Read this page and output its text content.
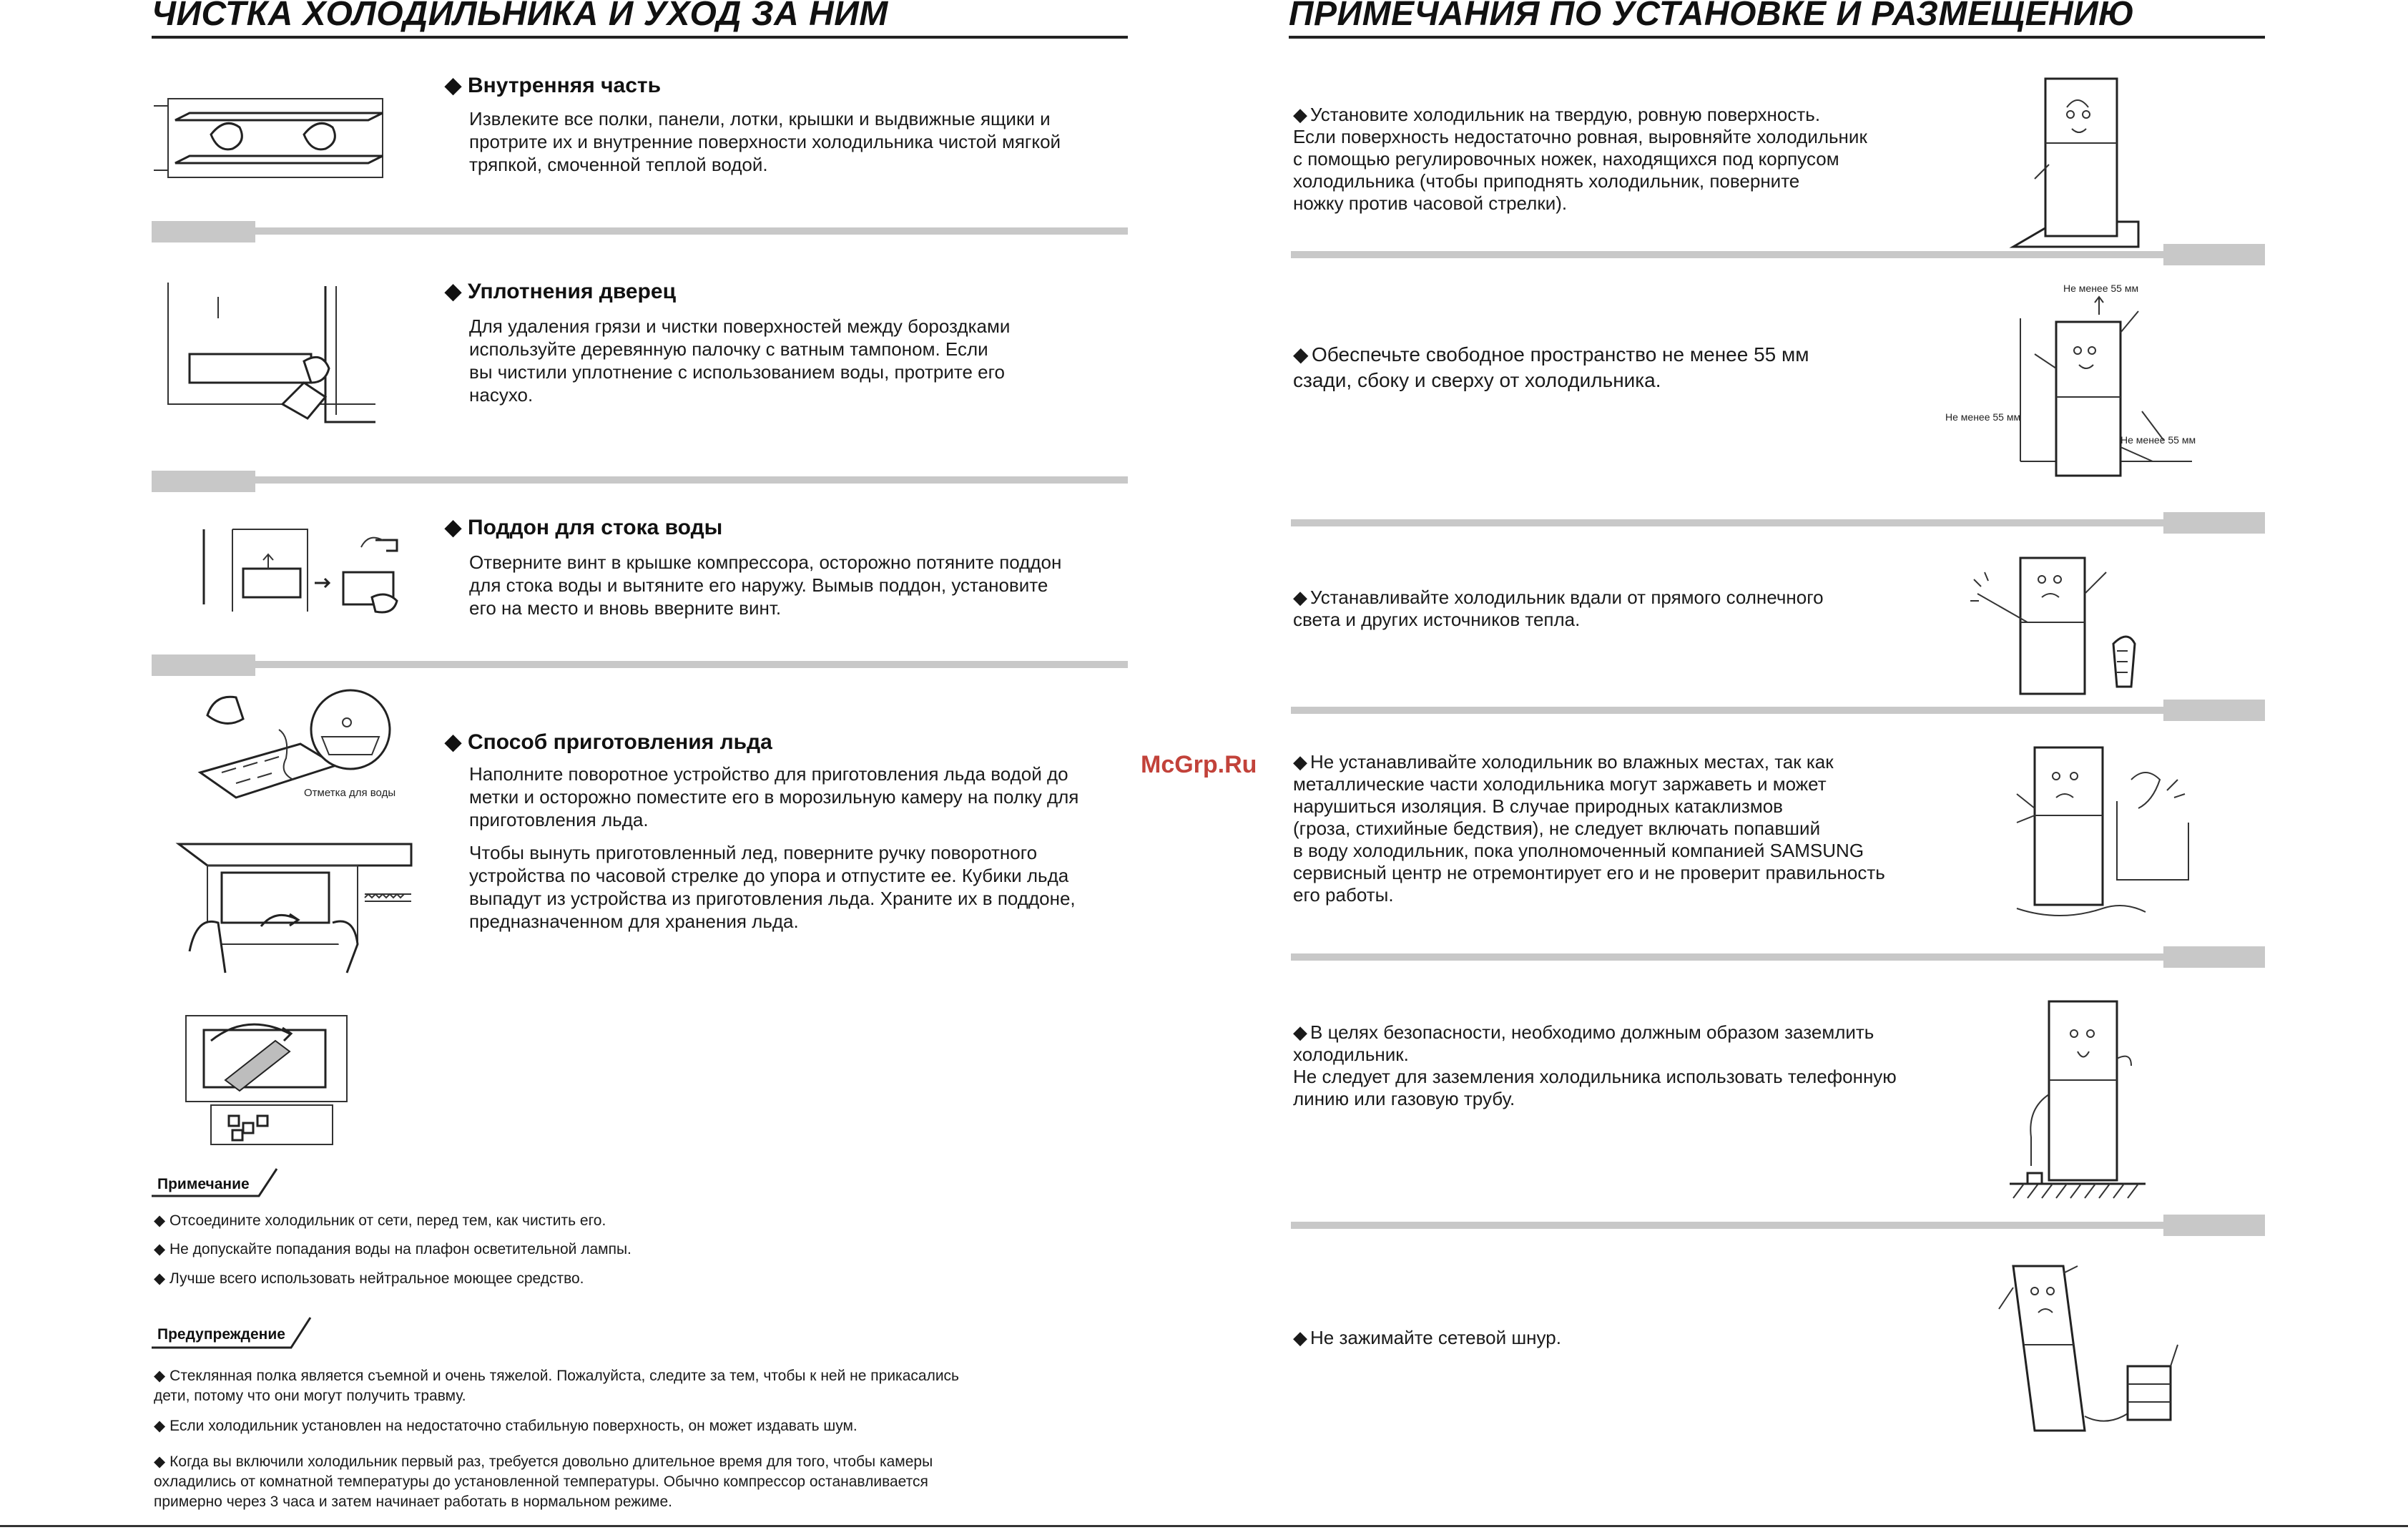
ЧИСТКА ХОЛОДИЛЬНИКА И УХОД ЗА НИМ
◆ Внутренняя часть

Извлеките все полки, панели, лотки, крышки и выдвижные ящики и
протрите их и внутренние поверхности холодильника чистой мягкой
тряпкой, смоченной теплой водой.

◆ Уплотнения дверец

Для удаления грязи и чистки поверхностей между бороздками
используйте деревянную палочку с ватным тампоном. Если
вы чистили уплотнение с использованием воды, протрите его
насухо.

◆ Поддон для стока воды

Отверните винт в крышке компрессора, осторожно потяните поддон
для стока воды и вытяните его наружу. Вымыв поддон, установите
его на место и вновь вверните винт.

Отметка для воды
◆ Способ приготовления льда

Наполните поворотное устройство для приготовления льда водой до
метки и осторожно поместите его в морозильную камеру на полку для
приготовления льда.

Чтобы вынуть приготовленный лед, поверните ручку поворотного
устройства по часовой стрелке до упора и отпустите ее. Кубики льда
выпадут из устройства из приготовления льда. Храните их в поддоне,
предназначенном для хранения льда.

Примечание
◆ Отсоедините холодильник от сети, перед тем, как чистить его.
◆ Не допускайте попадания воды на плафон осветительной лампы.
◆ Лучше всего использовать нейтральное моющее средство.
Предупреждение
◆ Стеклянная полка является съемной и очень тяжелой. Пожалуйста, следите за тем, чтобы к ней не прикасались
дети, потому что они могут получить травму.
◆ Если холодильник установлен на недостаточно стабильную поверхность, он может издавать шум.
◆ Когда вы включили холодильник первый раз, требуется довольно длительное время для того, чтобы камеры
охладились от комнатной температуры до установленной температуры. Обычно компрессор останавливается
примерно через 3 часа и затем начинает работать в нормальном режиме.
McGrp.Ru
ПРИМЕЧАНИЯ ПО УСТАНОВКЕ И РАЗМЕЩЕНИЮ
◆ Установите холодильник на твердую, ровную поверхность.
Если поверхность недостаточно ровная, выровняйте холодильник
с помощью регулировочных ножек, находящихся под корпусом
холодильника (чтобы приподнять холодильник, поверните
ножку против часовой стрелки).
◆ Обеспечьте свободное пространство не менее 55 мм
сзади, сбоку и сверху от холодильника.
Не менее 55 мм
Не менее 55 мм
Не менее 55 мм
◆ Устанавливайте холодильник вдали от прямого солнечного
света и других источников тепла.
◆ Не устанавливайте холодильник во влажных местах, так как
металлические части холодильника могут заржаветь и может
нарушиться изоляция. В случае природных катаклизмов
(гроза, стихийные бедствия), не следует включать попавший
в воду холодильник, пока уполномоченный компанией SAMSUNG
сервисный центр не отремонтирует его и не проверит правильность
его работы.
◆ В целях безопасности, необходимо должным образом заземлить
холодильник.
Не следует для заземления холодильника использовать телефонную
линию или газовую трубу.
◆ Не зажимайте сетевой шнур.
